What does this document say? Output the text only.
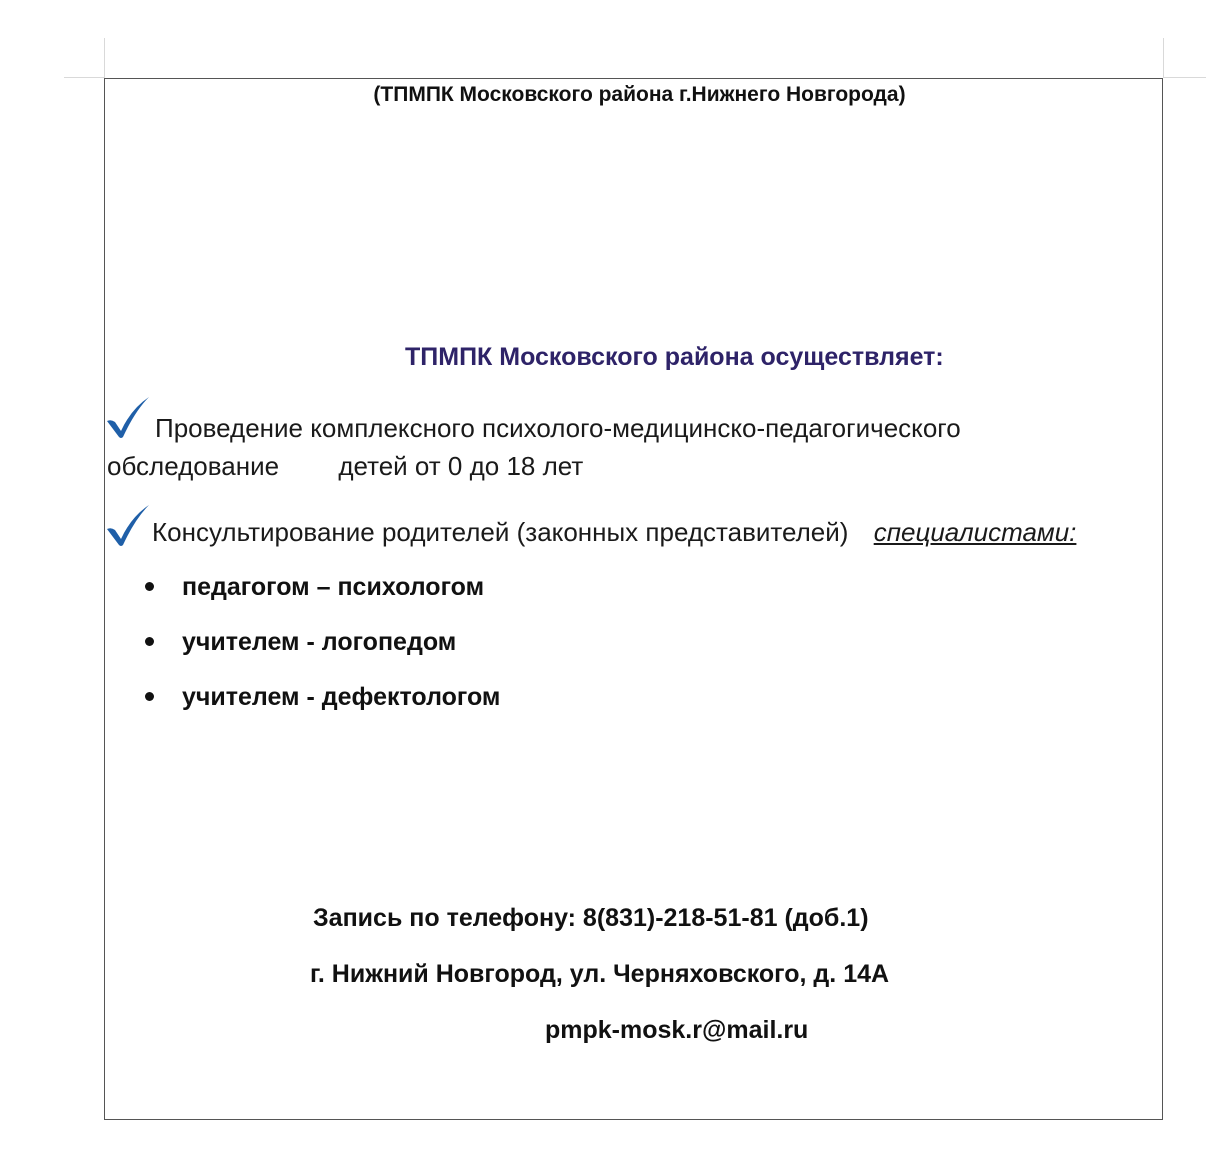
(ТПМПК Московского района г.Нижнего Новгорода)
ТПМПК Московского района осуществляет:
Проведение комплексного психолого-медицинско-педагогического
обследование детей от 0 до 18 лет
Консультирование родителей (законных представителей) специалистами:
педагогом – психологом
учителем - логопедом
учителем - дефектологом
Запись по телефону: 8(831)-218-51-81 (доб.1)
г. Нижний Новгород, ул. Черняховского, д. 14А
pmpk-mosk.r@mail.ru
